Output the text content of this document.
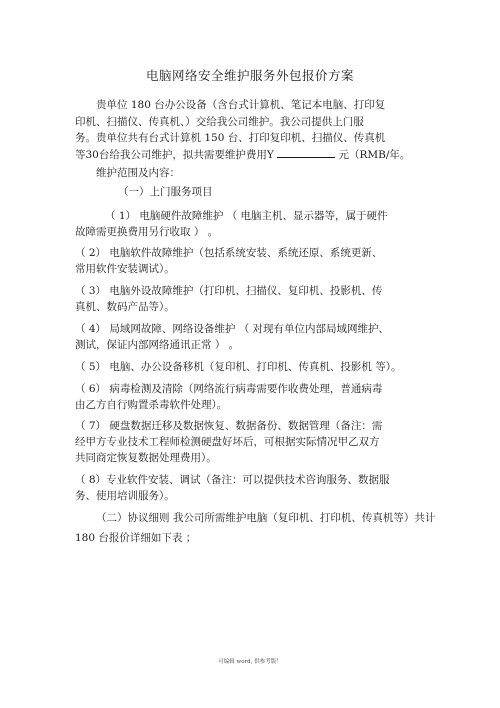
电脑网络安全维护服务外包报价方案
贵单位 180 台办公设备（含台式计算机、笔记本电脑、打印复
印机、扫描仪、传真机、）交给我公司维护。我公司提供上门服
务。贵单位共有台式计算机 150 台、打印复印机、扫描仪、传真机
等30台给我公司维护，拟共需要维护费用Y	元（RMB/年。
维护范围及内容：
（一）上门服务项目
（ 1） 电脑硬件故障维护 （ 电脑主机、显示器等，属于硬件
故障需更换费用另行收取 ） 。
（ 2） 电脑软件故障维护（包括系统安装、系统还原、系统更新、
常用软件安装调试）。
（ 3） 电脑外设故障维护（打印机、扫描仪、复印机、投影机、传
真机、数码产品等）。
（ 4） 局域网故障、网络设备维护 （ 对现有单位内部局域网维护、
测试，保证内部网络通讯正常 ） 。
（ 5） 电脑、办公设备移机（复印机、打印机、传真机、投影机 等）。
（ 6） 病毒检测及清除（网络流行病毒需要作收费处理，普通病毒
由乙方自行购置杀毒软件处理）。
（ 7） 硬盘数据迁移及数据恢复、数据备份、数据管理（备注：需
经甲方专业技术工程师检测硬盘好坏后，可根据实际情况甲乙双方
共同商定恢复数据处理费用）。
（ 8）专业软件安装、调试（备注：可以提供技术咨询服务、数据服
务、使用培训服务）。
（二）协议细则 我公司所需维护电脑（复印机、打印机、传真机等）共计
180 台报价详细如下表 ；
可编辑 word, 供参考版！
